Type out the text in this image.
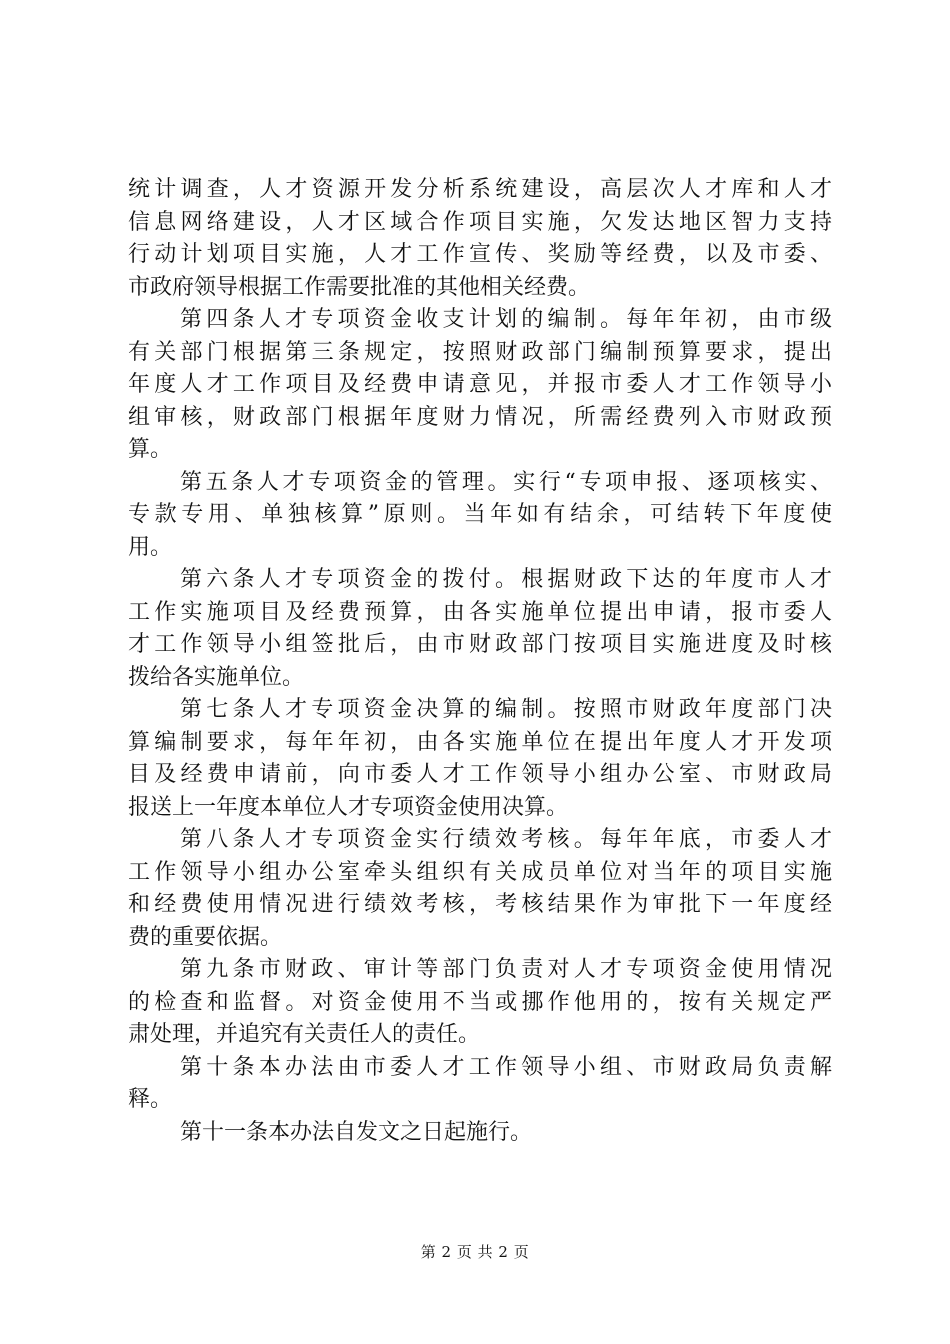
统计调查，人才资源开发分析系统建设，高层次人才库和人才
信息网络建设，人才区域合作项目实施，欠发达地区智力支持
行动计划项目实施，人才工作宣传、奖励等经费，以及市委、
市政府领导根据工作需要批准的其他相关经费。
第四条人才专项资金收支计划的编制。每年年初，由市级
有关部门根据第三条规定，按照财政部门编制预算要求，提出
年度人才工作项目及经费申请意见，并报市委人才工作领导小
组审核，财政部门根据年度财力情况，所需经费列入市财政预
算。
第五条人才专项资金的管理。实行“专项申报、逐项核实、
专款专用、单独核算”原则。当年如有结余，可结转下年度使
用。
第六条人才专项资金的拨付。根据财政下达的年度市人才
工作实施项目及经费预算，由各实施单位提出申请，报市委人
才工作领导小组签批后，由市财政部门按项目实施进度及时核
拨给各实施单位。
第七条人才专项资金决算的编制。按照市财政年度部门决
算编制要求，每年年初，由各实施单位在提出年度人才开发项
目及经费申请前，向市委人才工作领导小组办公室、市财政局
报送上一年度本单位人才专项资金使用决算。
第八条人才专项资金实行绩效考核。每年年底，市委人才
工作领导小组办公室牵头组织有关成员单位对当年的项目实施
和经费使用情况进行绩效考核，考核结果作为审批下一年度经
费的重要依据。
第九条市财政、审计等部门负责对人才专项资金使用情况
的检查和监督。对资金使用不当或挪作他用的，按有关规定严
肃处理，并追究有关责任人的责任。
第十条本办法由市委人才工作领导小组、市财政局负责解
释。
第十一条本办法自发文之日起施行。
第 2 页 共 2 页
